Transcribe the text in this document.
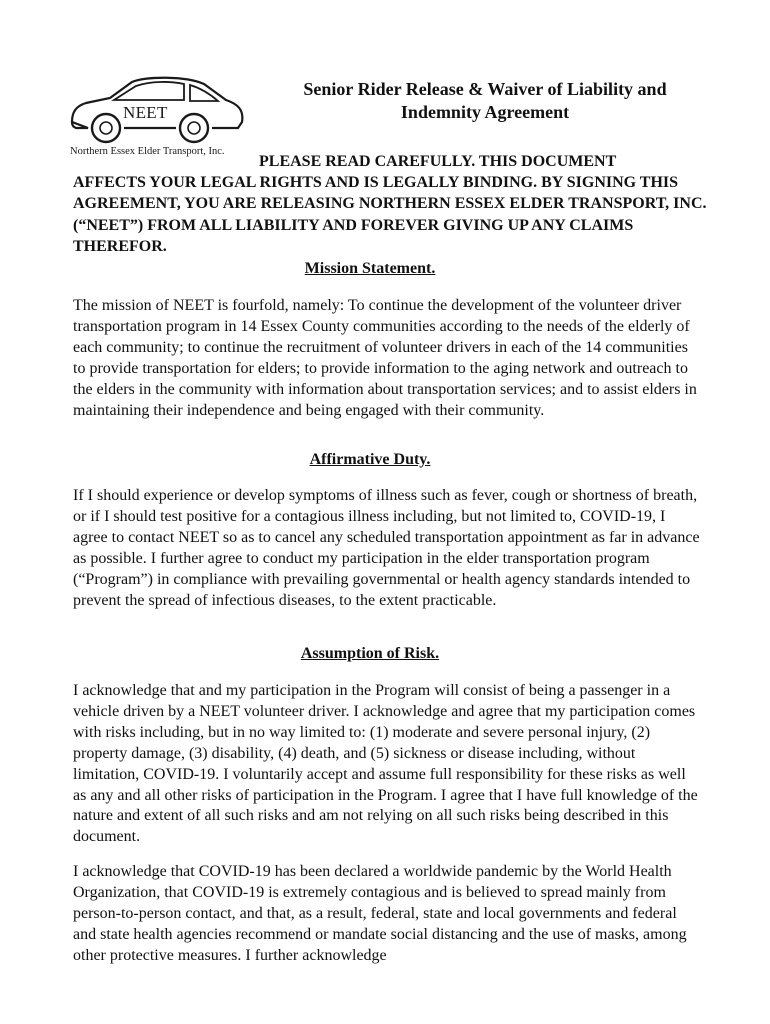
NEET
Northern Essex Elder Transport, Inc.
Senior Rider Release & Waiver of Liability and Indemnity Agreement
PLEASE READ CAREFULLY. THIS DOCUMENT
AFFECTS YOUR LEGAL RIGHTS AND IS LEGALLY BINDING. BY SIGNING THIS AGREEMENT, YOU ARE RELEASING NORTHERN ESSEX ELDER TRANSPORT, INC. (“NEET”) FROM ALL LIABILITY AND FOREVER GIVING UP ANY CLAIMS THEREFOR.
Mission Statement.

The mission of NEET is fourfold, namely: To continue the development of the volunteer driver transportation program in 14 Essex County communities according to the needs of the elderly of each community; to continue the recruitment of volunteer drivers in each of the 14 communities to provide transportation for elders; to provide information to the aging network and outreach to the elders in the community with information about transportation services; and to assist elders in maintaining their independence and being engaged with their community.

Affirmative Duty.

If I should experience or develop symptoms of illness such as fever, cough or shortness of breath, or if I should test positive for a contagious illness including, but not limited to, COVID-19, I agree to contact NEET so as to cancel any scheduled transportation appointment as far in advance as possible. I further agree to conduct my participation in the elder transportation program (“Program”) in compliance with prevailing governmental or health agency standards intended to prevent the spread of infectious diseases, to the extent practicable.

Assumption of Risk.

I acknowledge that and my participation in the Program will consist of being a passenger in a vehicle driven by a NEET volunteer driver. I acknowledge and agree that my participation comes with risks including, but in no way limited to: (1) moderate and severe personal injury, (2) property damage, (3) disability, (4) death, and (5) sickness or disease including, without limitation, COVID-19. I voluntarily accept and assume full responsibility for these risks as well as any and all other risks of participation in the Program. I agree that I have full knowledge of the nature and extent of all such risks and am not relying on all such risks being described in this document.

I acknowledge that COVID-19 has been declared a worldwide pandemic by the World Health Organization, that COVID-19 is extremely contagious and is believed to spread mainly from person-to-person contact, and that, as a result, federal, state and local governments and federal and state health agencies recommend or mandate social distancing and the use of masks, among other protective measures. I further acknowledge
